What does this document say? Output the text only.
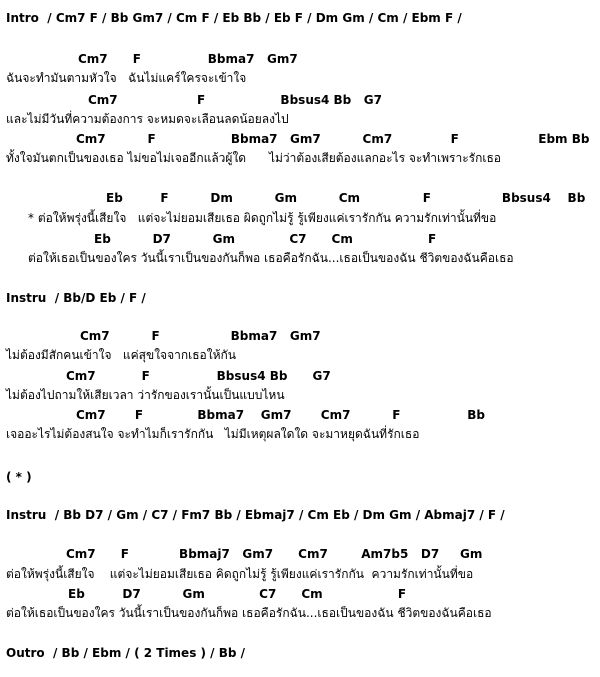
Intro  / Cm7 F / Bb Gm7 / Cm F / Eb Bb / Eb F / Dm Gm / Cm / Ebm F /
Cm7      F                Bbma7   Gm7
ฉันจะทำมันตามหัวใจ   ฉันไม่แคร์ใครจะเข้าใจ
Cm7                   F                  Bbsus4 Bb   G7
และไม่มีวันที่ความต้องการ จะหมดจะเลือนลดน้อยลงไป
Cm7          F                  Bbma7   Gm7          Cm7              F                   Ebm Bb
ทั้งใจมันตกเป็นของเธอ ไม่ขอไม่เจออีกแล้วผู้ใด      ไม่ว่าต้องเสียต้องแลกอะไร จะทำเพราะรักเธอ
Eb         F          Dm          Gm          Cm               F                 Bbsus4    Bb
* ต่อให้พรุ่งนี้เสียใจ   แต่จะไม่ยอมเสียเธอ ผิดถูกไม่รู้ รู้เพียงแค่เรารักกัน ความรักเท่านั้นที่ขอ
Eb          D7          Gm             C7      Cm                  F
ต่อให้เธอเป็นของใคร วันนี้เราเป็นของกันก็พอ เธอคือรักฉัน...เธอเป็นของฉัน ชีวิตของฉันคือเธอ
Instru  / Bb/D Eb / F /
Cm7          F                 Bbma7   Gm7
ไม่ต้องมีสักคนเข้าใจ   แค่สุขใจจากเธอให้กัน
Cm7           F                Bbsus4 Bb      G7
ไม่ต้องไปถามให้เสียเวลา ว่ารักของเรานั้นเป็นแบบไหน
Cm7       F             Bbma7    Gm7       Cm7          F                Bb
เจออะไรไม่ต้องสนใจ จะทำไมก็เรารักกัน   ไม่มีเหตุผลใดใด จะมาหยุดฉันที่รักเธอ
( * )
Instru  / Bb D7 / Gm / C7 / Fm7 Bb / Ebmaj7 / Cm Eb / Dm Gm / Abmaj7 / F /
Cm7      F            Bbmaj7   Gm7      Cm7        Am7b5   D7     Gm
ต่อให้พรุ่งนี้เสียใจ    แต่จะไม่ยอมเสียเธอ คิดถูกไม่รู้ รู้เพียงแค่เรารักกัน  ความรักเท่านั้นที่ขอ
Eb         D7          Gm             C7      Cm                  F
ต่อให้เธอเป็นของใคร วันนี้เราเป็นของกันก็พอ เธอคือรักฉัน...เธอเป็นของฉัน ชีวิตของฉันคือเธอ
Outro  / Bb / Ebm / ( 2 Times ) / Bb /
